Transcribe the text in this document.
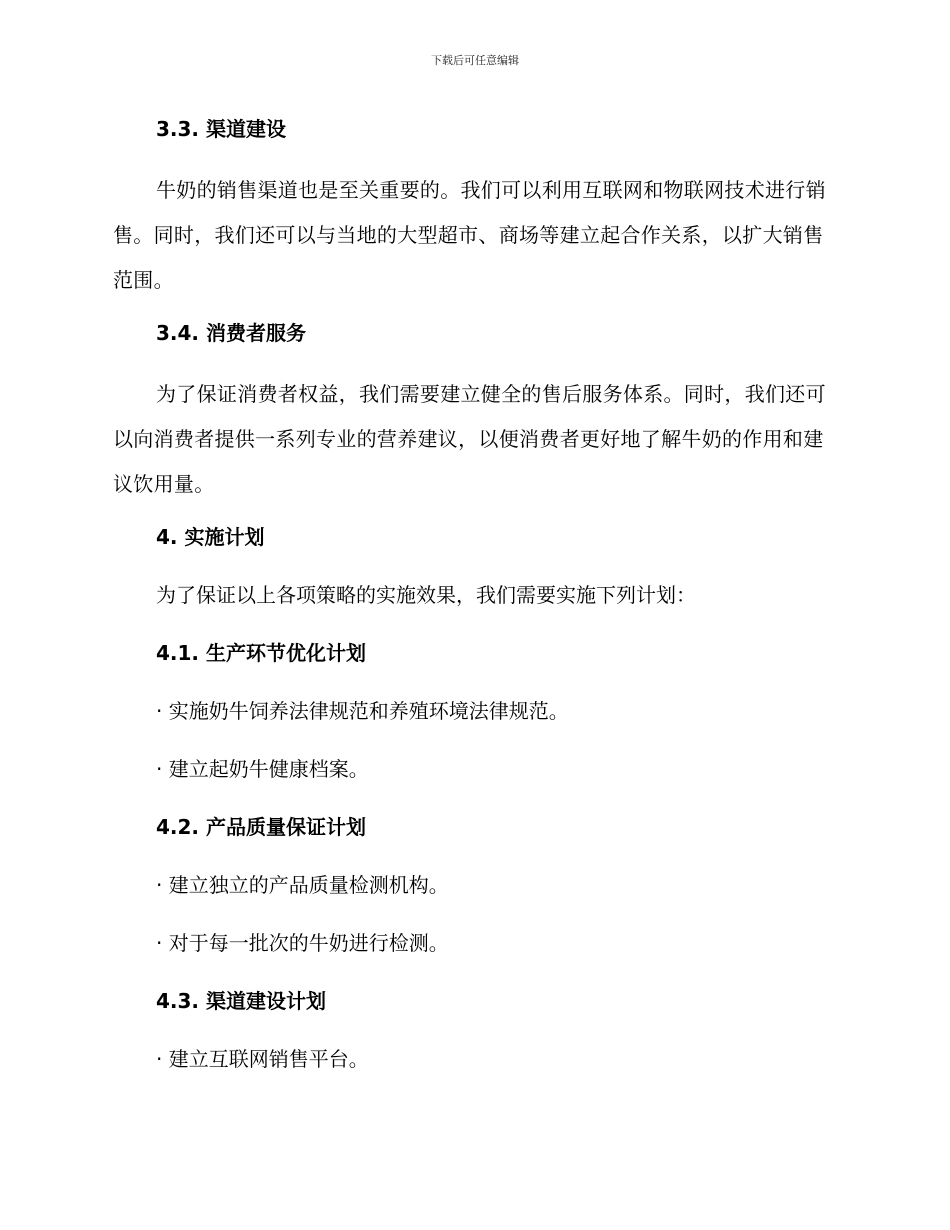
下载后可任意编辑
3.3. 渠道建设

牛奶的销售渠道也是至关重要的。我们可以利用互联网和物联网技术进行销售。同时，我们还可以与当地的大型超市、商场等建立起合作关系，以扩大销售范围。

3.4. 消费者服务

为了保证消费者权益，我们需要建立健全的售后服务体系。同时，我们还可以向消费者提供一系列专业的营养建议，以便消费者更好地了解牛奶的作用和建议饮用量。

4. 实施计划

为了保证以上各项策略的实施效果，我们需要实施下列计划：

4.1. 生产环节优化计划

· 实施奶牛饲养法律规范和养殖环境法律规范。

· 建立起奶牛健康档案。

4.2. 产品质量保证计划

· 建立独立的产品质量检测机构。

· 对于每一批次的牛奶进行检测。

4.3. 渠道建设计划

· 建立互联网销售平台。
